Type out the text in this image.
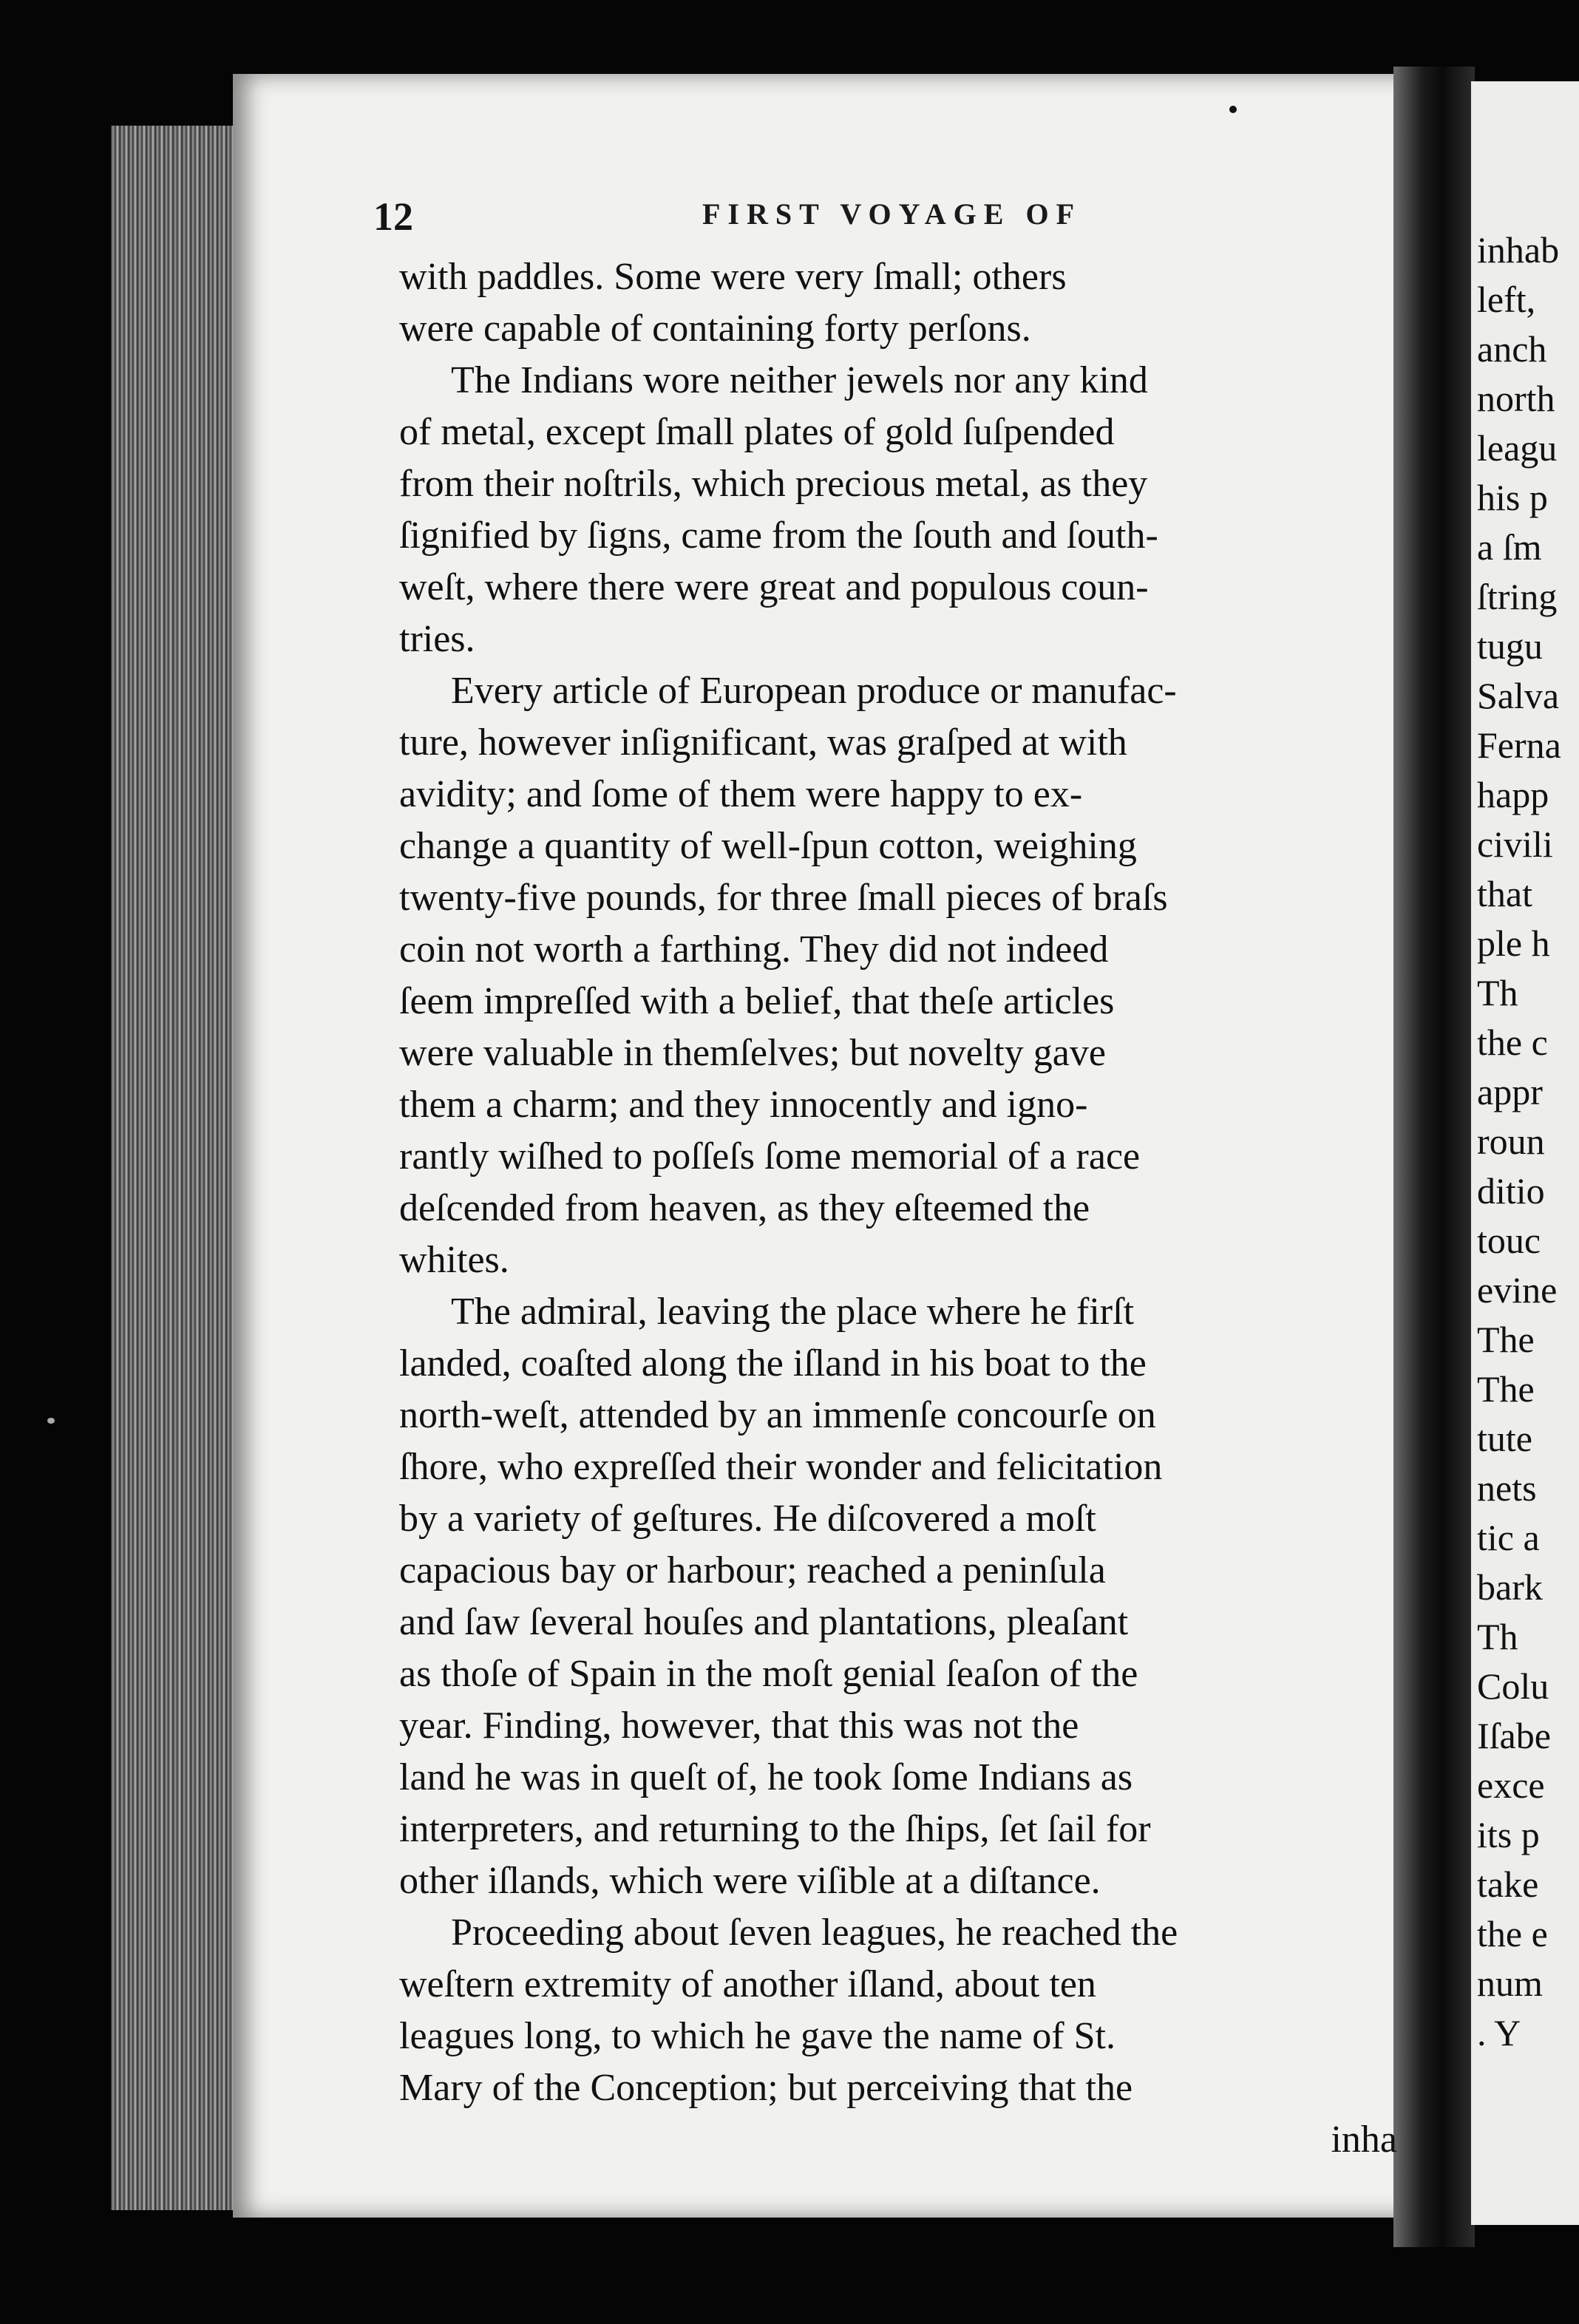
12	FIRST VOYAGE OF
with paddles. Some were very ſmall; others
were capable of containing forty perſons.
The Indians wore neither jewels nor any kind
of metal, except ſmall plates of gold ſuſpended
from their noſtrils, which precious metal, as they
ſignified by ſigns, came from the ſouth and ſouth-
weſt, where there were great and populous coun-
tries.
Every article of European produce or manufac-
ture, however inſignificant, was graſped at with
avidity; and ſome of them were happy to ex-
change a quantity of well-ſpun cotton, weighing
twenty-five pounds, for three ſmall pieces of braſs
coin not worth a farthing. They did not indeed
ſeem impreſſed with a belief, that theſe articles
were valuable in themſelves; but novelty gave
them a charm; and they innocently and igno-
rantly wiſhed to poſſeſs ſome memorial of a race
deſcended from heaven, as they eſteemed the
whites.
The admiral, leaving the place where he firſt
landed, coaſted along the iſland in his boat to the
north-weſt, attended by an immenſe concourſe on
ſhore, who expreſſed their wonder and felicitation
by a variety of geſtures. He diſcovered a moſt
capacious bay or harbour; reached a peninſula
and ſaw ſeveral houſes and plantations, pleaſant
as thoſe of Spain in the moſt genial ſeaſon of the
year. Finding, however, that this was not the
land he was in queſt of, he took ſome Indians as
interpreters, and returning to the ſhips, ſet ſail for
other iſlands, which were viſible at a diſtance.
Proceeding about ſeven leagues, he reached the
weſtern extremity of another iſland, about ten
leagues long, to which he gave the name of St.
Mary of the Conception; but perceiving that the
inha
inhab
left,
anch
north
leagu
his p
a ſm
ſtring
tugu
Salva
Ferna
happ
civili
that
ple h
Th
the c
appr
roun
ditio
touc
evine
The
The
tute
nets
tic a
bark
Th
Colu
Iſabe
exce
its p
take
the e
num
. Y
